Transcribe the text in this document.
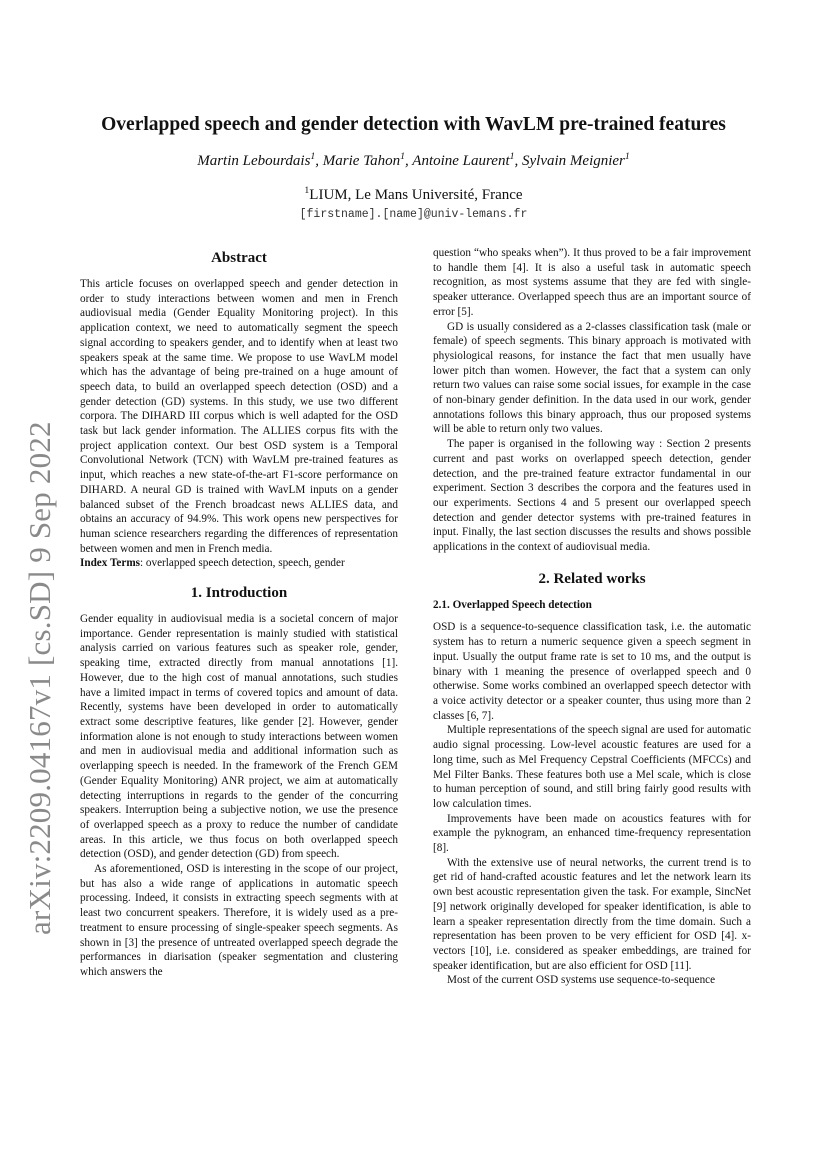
arXiv:2209.04167v1 [cs.SD] 9 Sep 2022
Overlapped speech and gender detection with WavLM pre-trained features
Martin Lebourdais$^1$, Marie Tahon$^1$, Antoine Laurent$^1$, Sylvain Meignier$^1$
$^1$LIUM, Le Mans Université, France
[firstname].[name]@univ-lemans.fr
Abstract

This article focuses on overlapped speech and gender detection in order to study interactions between women and men in French audiovisual media (Gender Equality Monitoring project). In this application context, we need to automatically segment the speech signal according to speakers gender, and to identify when at least two speakers speak at the same time. We propose to use WavLM model which has the advantage of being pre-trained on a huge amount of speech data, to build an overlapped speech detection (OSD) and a gender detection (GD) systems. In this study, we use two different corpora. The DIHARD III corpus which is well adapted for the OSD task but lack gender information. The ALLIES corpus fits with the project application context. Our best OSD system is a Temporal Convolutional Network (TCN) with WavLM pre-trained features as input, which reaches a new state-of-the-art F1-score performance on DIHARD. A neural GD is trained with WavLM inputs on a gender balanced subset of the French broadcast news ALLIES data, and obtains an accuracy of 94.9%. This work opens new perspectives for human science researchers regarding the differences of representation between women and men in French media.

Index Terms: overlapped speech detection, speech, gender

1. Introduction

Gender equality in audiovisual media is a societal concern of major importance. Gender representation is mainly studied with statistical analysis carried on various features such as speaker role, gender, speaking time, extracted directly from manual annotations [1]. However, due to the high cost of manual annotations, such studies have a limited impact in terms of covered topics and amount of data. Recently, systems have been developed in order to automatically extract some descriptive features, like gender [2]. However, gender information alone is not enough to study interactions between women and men in audiovisual media and additional information such as overlapping speech is needed. In the framework of the French GEM (Gender Equality Monitoring) ANR project, we aim at automatically detecting interruptions in regards to the gender of the concurring speakers. Interruption being a subjective notion, we use the presence of overlapped speech as a proxy to reduce the number of candidate areas. In this article, we thus focus on both overlapped speech detection (OSD), and gender detection (GD) from speech.

As aforementioned, OSD is interesting in the scope of our project, but has also a wide range of applications in automatic speech processing. Indeed, it consists in extracting speech segments with at least two concurrent speakers. Therefore, it is widely used as a pre-treatment to ensure processing of single-speaker speech segments. As shown in [3] the presence of untreated overlapped speech degrade the performances in diarisation (speaker segmentation and clustering which answers the

question “who speaks when”). It thus proved to be a fair improvement to handle them [4]. It is also a useful task in automatic speech recognition, as most systems assume that they are fed with single-speaker utterance. Overlapped speech thus are an important source of error [5].

GD is usually considered as a 2-classes classification task (male or female) of speech segments. This binary approach is motivated with physiological reasons, for instance the fact that men usually have lower pitch than women. However, the fact that a system can only return two values can raise some social issues, for example in the case of non-binary gender definition. In the data used in our work, gender annotations follows this binary approach, thus our proposed systems will be able to return only two values.

The paper is organised in the following way : Section 2 presents current and past works on overlapped speech detection, gender detection, and the pre-trained feature extractor fundamental in our experiment. Section 3 describes the corpora and the features used in our experiments. Sections 4 and 5 present our overlapped speech detection and gender detector systems with pre-trained features in input. Finally, the last section discusses the results and shows possible applications in the context of audiovisual media.

2. Related works
2.1. Overlapped Speech detection

OSD is a sequence-to-sequence classification task, i.e. the automatic system has to return a numeric sequence given a speech segment in input. Usually the output frame rate is set to 10 ms, and the output is binary with 1 meaning the presence of overlapped speech and 0 otherwise. Some works combined an overlapped speech detector with a voice activity detector or a speaker counter, thus using more than 2 classes [6, 7].

Multiple representations of the speech signal are used for automatic audio signal processing. Low-level acoustic features are used for a long time, such as Mel Frequency Cepstral Coefficients (MFCCs) and Mel Filter Banks. These features both use a Mel scale, which is close to human perception of sound, and still bring fairly good results with low calculation times.

Improvements have been made on acoustics features with for example the pyknogram, an enhanced time-frequency representation [8].

With the extensive use of neural networks, the current trend is to get rid of hand-crafted acoustic features and let the network learn its own best acoustic representation given the task. For example, SincNet [9] network originally developed for speaker identification, is able to learn a speaker representation directly from the time domain. Such a representation has been proven to be very efficient for OSD [4]. x-vectors [10], i.e. considered as speaker embeddings, are trained for speaker identification, but are also efficient for OSD [11].

Most of the current OSD systems use sequence-to-sequence
